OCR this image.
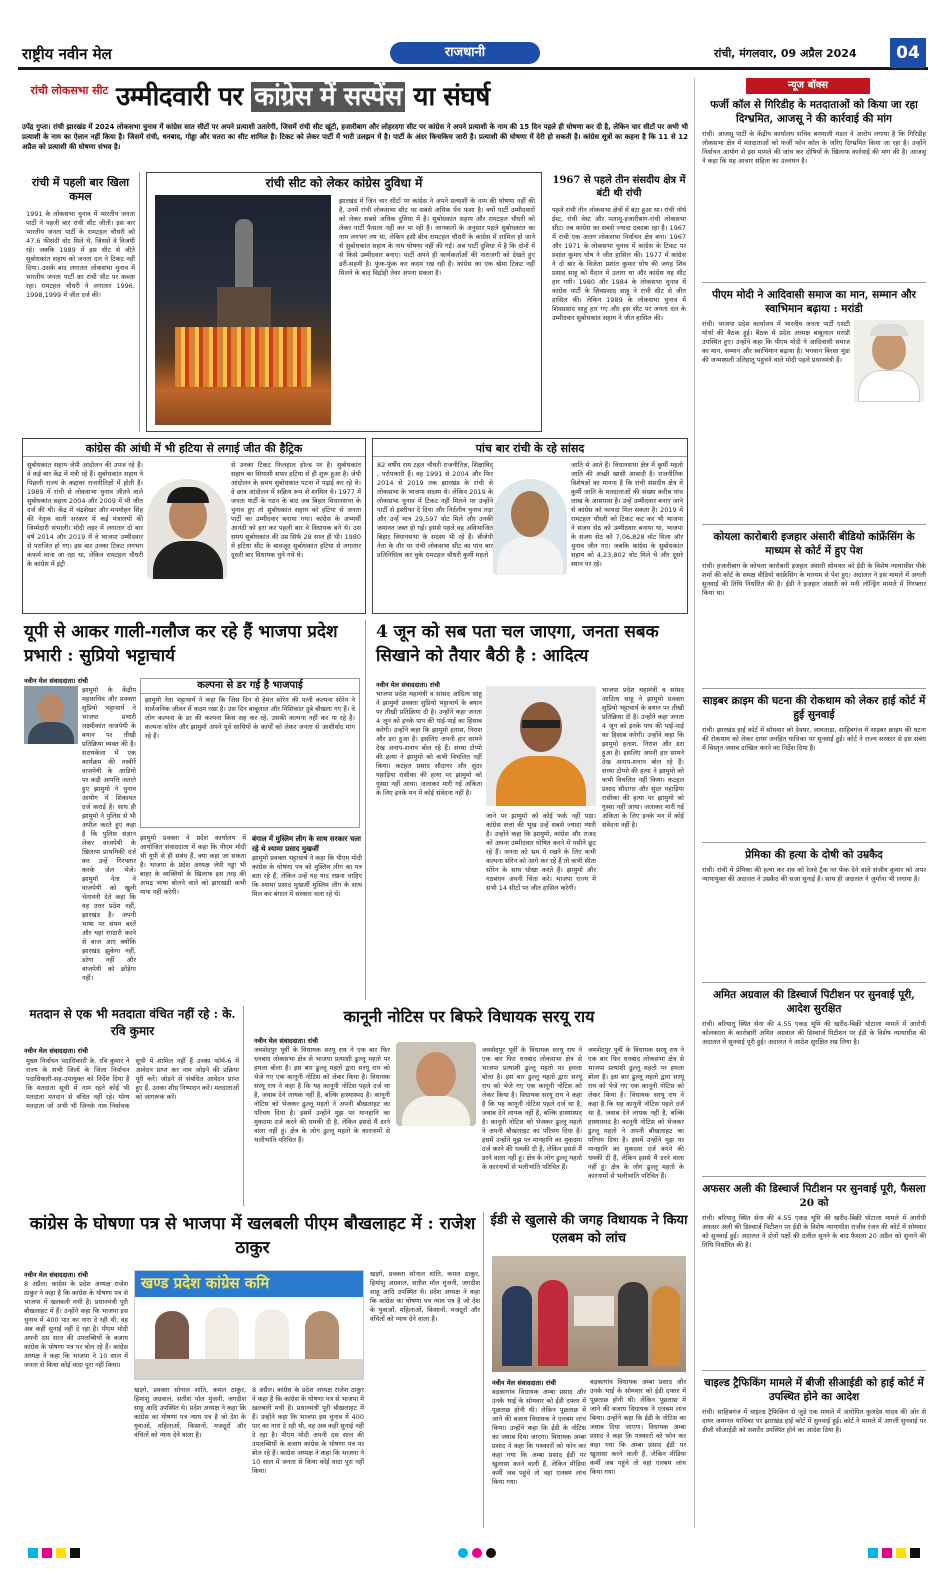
राष्ट्रीय नवीन मेल	राजधानी	रांची, मंगलवार, 09 अप्रैल 2024	04
रांची लोकसभा सीट उम्मीदवारी पर कांग्रेस में सस्पेंस या संघर्ष
उपेंद्र गुप्ता। रांची झारखंड में 2024 लोकसभा चुनाव में कांग्रेस सात सीटों पर अपने प्रत्याशी उतारेगी, जिसमें रांची सीट खूंटी, हजारीबाग और लोहरदगा सीट पर कांग्रेस ने अपने प्रत्याशी के नाम की 15 दिन पहले ही घोषणा कर दी है, लेकिन चार सीटों पर अभी भी प्रत्याशी के नाम का ऐलान नहीं किया है। जिसमें रांची, धनबाद, गोड्डा और चतरा का सीट शामिल है। टिकट को लेकर पार्टी में भारी उलझन में है। पार्टी के अंदर किचकिच जारी है। प्रत्याशी की घोषणा में देरी हो सकती है। कांग्रेस सूत्रों का कहना है कि 11 से 12 अप्रैल को प्रत्याशी की घोषणा संभव है।
रांची में पहली बार खिला कमल
1991 के लोकसभा चुनाव में भारतीय जनता पार्टी ने पहली बार रांची सीट जीती। इस बार भारतीय जनता पार्टी के रामटहल चौधरी को 47.6 फीसदी वोट मिले थे, जिससे वे विजयी रहे। जबकि 1989 में इस सीट से जीते सुबोधकांत सहाय को जनता दल ने टिकट नहीं दिया। उसके बाद लगातार लोकसभा चुनाव में भारतीय जनता पार्टी का रांची सीट पर कब्जा रहा। रामटहल चौधरी ने लगातार 1996, 1998,1999 में जीत दर्ज की।
रांची सीट को लेकर कांग्रेस दुविधा में
झारखंड में जिन चार सीटों पर कांग्रेस ने अपने प्रत्याशी के नाम की घोषणा नहीं की है, उनमें रांची लोकसभा सीट पर सबसे अधिक पेंच फंसा है। क्यों पार्टी उम्मीदवारों को लेकर सबसे अधिक दुविधा में है। सुबोधकांत सहाय और रामटहल चौधरी को लेकर पार्टी फैसला नहीं कर पा रही है। जानकारों के अनुसार पहले सुबोधकांत का नाम लगभग तय था, लेकिन इसी बीच रामटहल चौधरी के कांग्रेस में शामिल हो जाने से सुबोधकांत सहाय के नाम घोषणा नहीं की गई। अब पार्टी दुविधा में है कि दोनों में से किसे उम्मीदवार बनाए। पार्टी अपने ही कार्यकर्ताओं की नाराजगी को देखते हुए डरी-सहमी है। फूंक-फूंक कर कदम रख रही है। कांग्रेस का एक खेमा टिकट नहीं मिलने के बाद विद्रोही तेवर अपना सकता है।
1967 से पहले तीन संसदीय क्षेत्र में बंटी थी रांची
पहले रांची तीन लोकसभा क्षेत्रों में बंटा हुआ था। रांची नॉर्थ ईस्ट, रांची वेस्ट और पलामू-हजारीबाग-रांची लोकसभा सीट। तब कांग्रेस का सबसे ज्यादा दबदबा रहा है। 1967 में रांची एक अलग लोकसभा निर्वाचन क्षेत्र बना। 1967 और 1971 के लोकसभा चुनाव में कांग्रेस के टिकट पर प्रशांत कुमार घोष ने जीत हासिल की। 1977 में कांग्रेस ने दो बार के विजेता प्रशांत कुमार घोष की जगह शिव प्रसाद साहू को मैदान में उतारा था और कांग्रेस यह सीट हार गयी। 1980 और 1984 के लोकसभा चुनाव में कांग्रेस पार्टी के शिवप्रसाद साहू ने रांची सीट से जीत हासिल की। लेकिन 1989 के लोकसभा चुनाव में शिवप्रसाद साहू हार गए और इस सीट पर जनता दल के उम्मीदवार सुबोधकांत सहाय ने जीत हासिल की।
कांग्रेस की आंधी में भी हटिया से लगाई जीत की हैट्रिक
सुबोधकांत सहाय जेपी आंदोलन की उपज रहे हैं। वे कई बार केंद्र में मंत्री रहे हैं। सुबोधकांत सहाय ने पिछली राज्य के कद्दावर राजनीतिज्ञों में होती है। 1989 में रांची से लोकसभा चुनाव जीतने वाले सुबोधकांत सहाय 2004 और 2009 में भी जीत दर्ज की थी। केंद्र में चंद्रशेखर और मनमोहन सिंह की नेतृत्व वाली सरकार में कई मंत्रालयों की जिम्मेदारी संभाली। मोदी लहर में लगातार दो बार वर्ष 2014 और 2019 में वे भाजपा उम्मीदवार से पराजित हो गए। इस बार उनका टिकट लगभग कंफर्म माना जा रहा था, लेकिन रामटहल चौधरी के कांग्रेस में इंट्री
से उनका टिकट फिलहाल होल्ड पर है। सुबोधकांत सहाय का सियासी सफर हटिया से ही शुरू हुआ है। जेपी आंदोलन के समय सुबोधकांत पटना में पढ़ाई कर रहे थे। वे छात्र आंदोलन में सक्रिय रूप से शामिल थे। 1977 में जनता पार्टी के गठन के बाद जब बिहार विधानसभा के चुनाव हुए तो सुबोधकांत सहाय को हटिया से जनता पार्टी का उम्मीदवार बनाया गया। कांग्रेस के अभ्यर्थी आनंदी को हरा कर पहली बार वे विधायक बने थे। उस समय सुबोधकांत की उम्र सिर्फ 28 साल ही थी। 1980 में हटिया सीट के बावजूद सुबोधकांत हटिया से लगातार दूसरी बार विधायक चुने गये थे।
पांच बार रांची के रहे सांसद
82 वर्षीय राम टहल चौधरी राजनीतिज्ञ, शिक्षाविद् , परोपकारी हैं। वह 1991 से 2004 और फिर 2014 से 2019 तक झारखंड के रांची से लोकसभा के भाजपा सदस्य थे। लेकिन 2019 के लोकसभा चुनाव में टिकट नहीं मिलने पर उन्होंने पार्टी से इस्तीफा दे दिया और निर्दलीय चुनाव लड़ा और उन्हें मात्र 29,597 वोट मिले और उनकी जमानत जब्त हो गई। इससे पहले वह अविभाजित बिहार विधानसभा के सदस्य भी रहे हैं। बीजेपी नेता के तौर पर रांची लोकसभा सीट का पांच बार प्रतिनिधित्व कर चुके रामटहल चौधरी कुर्मी महतो
जाति से आते हैं। विधानसभा क्षेत्र में कुर्मी महतो जाति की अच्छी खासी आबादी है। राजनीतिक विशेषज्ञों का मानना है कि रांची संसदीय क्षेत्र में कुर्मी जाति के मतदाताओं की संख्या करीब पांच लाख के आसपास है। उन्हें उम्मीदवार बनाए जाने से कांग्रेस को फायदा मिल सकता है। 2019 में रामटहल चौधरी को टिकट कट कर भी भाजपा ने संजय सेठ को उम्मीदवार बनाया था, भाजपा के संजय सेठ को 7,06,828 वोट मिला और चुनाव जीत गए। जबकि कांग्रेस के सुबोधकांत सहाय को 4,23,802 वोट मिले थे और दूसरे स्थान पर रहे।
यूपी से आकर गाली-गलौज कर रहे हैं भाजपा प्रदेश प्रभारी : सुप्रियो भट्टाचार्य
नवीन मेल संवाददाता। रांची
झामुमो के केंद्रीय महासचिव और प्रवक्ता सुप्रियो भट्टाचार्य ने भाजपा प्रभारी लक्ष्मीकांत वाजपेयी के बयान पर तीखी प्रतिक्रिया व्यक्त की है। सरायकेला में एक कार्यक्रम की तस्वीरें वाजपेयी के आडियो पर कड़ी आपत्ति जताते हुए झामुमो ने चुनाव आयोग में शिकायत दर्ज कराई है। साथ ही झामुमो ने पुलिस से भी अपील करते हुए कहा है कि पुलिस संज्ञान लेकर वाजपेयी के खिलाफ प्राथमिकी दर्ज कर उन्हें गिरफ्तार करके जेल भेजे। झामुमो नेता ने वाजपेयी को खुली चेतावनी देते कहा कि वह उत्तर प्रदेश नहीं, झारखंड है। अपनी भाषा पर संयम बरतें और यहां रंगदारी करने से बाज आएं क्योंकि झारखंड झुकेगा नहीं, डरेगा नहीं और वाजपेयी को छोड़ेगा नहीं।
कल्पना से डर गई है भाजपाई
झामुमो नेता भट्टाचार्य ने कहा कि जिस दिन से हेमंत सोरेन की पत्नी कल्पना सोरेन ने सार्वजनिक जीवन में कदम रखा है। उस दिन बाबूलाल और निशिकांत दुबे बौखला गए हैं। वे लोग कल्पना के डर की कल्पना किस सह कर रहे, उसकी कल्पना नहीं कर पा रहे हैं। कल्पना सोरेन और झामुमो अपने पूर्व साथियों के कार्यों को लेकर जनता से आशीर्वाद मांग रहे हैं।
झामुमो प्रवक्ता ने प्रदेश कार्यालय में आयोजित संवाददाता में कहा कि पीएम मोदी भी यूपी से ही संबंध हैं, क्या कहा जा सकता है। भाजपा के प्रदेश अध्यक्ष जेपी नड्डा भी बाहर के व्यक्तियों के खिलाफ इस तरह की अभद्र भाषा बोलने वाले को झारखंडी कभी माफ नहीं करेगी।
बंगाल में मुस्लिम लीग के साथ सरकार चला रहे थे श्यामा प्रसाद मुखर्जी
झामुमो प्रवक्ता भट्टाचार्य ने कहा कि पीएम मोदी कांग्रेस के घोषणा पत्र को मुस्लिम लीग का पत्र बता रहे हैं, लेकिन उन्हें यह याद रखना चाहिए कि श्यामा प्रसाद मुखर्जी मुस्लिम लीग के साथ मिल कर बंगाल में सरकार चला रहे थे।
4 जून को सब पता चल जाएगा, जनता सबक सिखाने को तैयार बैठी है : आदित्य
नवीन मेल संवाददाता। रांची
भाजपा प्रदेश महामंत्री व सांसद आदित्य साहू ने झामुमो प्रवक्ता सुप्रियो भट्टाचार्य के बयान पर तीखी प्रतिक्रिया दी है। उन्होंने कहा जनता 4 जून को इनके पाप की पाई-पाई का हिसाब करेगी। उन्होंने कहा कि झामुमो हताश, निराश और डरा हुआ है। इसलिए अपनी हार सामने देख अनाप-शनाप बोल रहे हैं। संध्या टोप्पो की हत्या ने झामुमो को कभी विचलित नहीं किया। कटहल प्रसाद सौदागर और सुंदर पहाड़िया रासीका की हत्या पर झामुमो को गुस्सा नहीं आया। जलाकर मारी गई अंकिता के लिए इनके मन में कोई संवेदना नहीं है।
जाने पर झामुमो को कोई फर्क नहीं पड़ा। कांग्रेस सत्ता की भूख उन्हें सबसे ज्यादा प्यारी है। उन्होंने कहा कि झामुमो, कांग्रेस और राजद को अपना उम्मीदवार घोषित करने में पसीने छूट रहे हैं। जनता को भ्रम में रखने के लिए कभी कल्पना सोरेन को आगे कर रहे हैं तो कभी सीता सोरेन के साथ धोखा करते हैं। झामुमो और गठबंधन अपनी चिंता करे। भाजपा राज्य में सभी 14 सीटों पर जीत हासिल करेगी।
भाजपा प्रदेश महामंत्री व सांसद आदित्य साहू ने झामुमो प्रवक्ता सुप्रियो भट्टाचार्य के बयान पर तीखी प्रतिक्रिया दी है। उन्होंने कहा जनता 4 जून को इनके पाप की पाई-पाई का हिसाब करेगी। उन्होंने कहा कि झामुमो हताश, निराश और डरा हुआ है। इसलिए अपनी हार सामने देख अनाप-शनाप बोल रहे हैं। संध्या टोप्पो की हत्या ने झामुमो को कभी विचलित नहीं किया। कटहल प्रसाद सौदागर और सुंदर पहाड़िया रासीका की हत्या पर झामुमो को गुस्सा नहीं आया। जलाकर मारी गई अंकिता के लिए इनके मन में कोई संवेदना नहीं है।
मतदान से एक भी मतदाता वंचित नहीं रहे : के. रवि कुमार
नवीन मेल संवाददाता। रांची
मुख्य निर्वाचन पदाधिकारी के. रवि कुमार ने राज्य के सभी जिलों के जिला निर्वाचन पदाधिकारी-सह-उपायुक्त को निर्देश दिया है कि मतदाता सूची में नाम रहते कोई भी मतदाता मतदान से वंचित नहीं रहे। योग्य मतदाता जो अभी भी जिनके नाम निर्वाचक सूची में शामिल नहीं हैं उनका फॉर्म-6 में आवेदन प्राप्त कर नाम जोड़ने की प्रक्रिया पूरी करें। जोड़ने से संबंधित आवेदन प्राप्त हुए हैं, उनका शीघ्र निष्पादन करें। मतदाताओं को जागरूक करें।
कानूनी नोटिस पर बिफरे विधायक सरयू राय
नवीन मेल संवाददाता। रांची
जमशेदपुर पूर्वी के विधायक सरयू राय ने एक बार फिर धनबाद लोकसभा क्षेत्र से भाजपा प्रत्याशी ढुल्लू महतो पर हमला बोला है। इस बार ढुल्लू महतो द्वारा सरयू राय को भेजे गए एक कानूनी नोटिस को लेकर किया है। विधायक सरयू राय ने कहा है कि यह कानूनी नोटिस पहले दर्ज था है, जवाब देने लायक नहीं है, बल्कि हास्यास्पद है। कानूनी नोटिस को भेजकर ढुल्लू महतो ने अपनी बौखलाहट का परिचय दिया है। इसमें उन्होंने मुझ पर मानहानि का मुकदमा दर्ज करने की धमकी दी है, लेकिन इससे मैं डरने वाला नहीं हूं। क्षेत्र के लोग ढुल्लू महतो के कारनामों से भलीभांति परिचित हैं।
जमशेदपुर पूर्वी के विधायक सरयू राय ने एक बार फिर धनबाद लोकसभा क्षेत्र से भाजपा प्रत्याशी ढुल्लू महतो पर हमला बोला है। इस बार ढुल्लू महतो द्वारा सरयू राय को भेजे गए एक कानूनी नोटिस को लेकर किया है। विधायक सरयू राय ने कहा है कि यह कानूनी नोटिस पहले दर्ज था है, जवाब देने लायक नहीं है, बल्कि हास्यास्पद है। कानूनी नोटिस को भेजकर ढुल्लू महतो ने अपनी बौखलाहट का परिचय दिया है। इसमें उन्होंने मुझ पर मानहानि का मुकदमा दर्ज करने की धमकी दी है, लेकिन इससे मैं डरने वाला नहीं हूं। क्षेत्र के लोग ढुल्लू महतो के कारनामों से भलीभांति परिचित हैं।
जमशेदपुर पूर्वी के विधायक सरयू राय ने एक बार फिर धनबाद लोकसभा क्षेत्र से भाजपा प्रत्याशी ढुल्लू महतो पर हमला बोला है। इस बार ढुल्लू महतो द्वारा सरयू राय को भेजे गए एक कानूनी नोटिस को लेकर किया है। विधायक सरयू राय ने कहा है कि यह कानूनी नोटिस पहले दर्ज था है, जवाब देने लायक नहीं है, बल्कि हास्यास्पद है। कानूनी नोटिस को भेजकर ढुल्लू महतो ने अपनी बौखलाहट का परिचय दिया है। इसमें उन्होंने मुझ पर मानहानि का मुकदमा दर्ज करने की धमकी दी है, लेकिन इससे मैं डरने वाला नहीं हूं। क्षेत्र के लोग ढुल्लू महतो के कारनामों से भलीभांति परिचित हैं।
कांग्रेस के घोषणा पत्र से भाजपा में खलबली पीएम बौखलाहट में : राजेश ठाकुर
नवीन मेल संवाददाता। रांची
8 अप्रैल। कांग्रेस के प्रदेश अध्यक्ष राजेश ठाकुर ने कहा है कि कांग्रेस के घोषणा पत्र से भाजपा में खलबली मची है। प्रधानमंत्री पूरी बौखलाहट में हैं। उन्होंने कहा कि भाजपा इस चुनाव में 400 पार का नारा दे रही थी, वह अब कहीं सुनाई नहीं दे रहा है। पीएम मोदी अपनी दस साल की उपलब्धियों के बजाय कांग्रेस के घोषणा पत्र पर बोल रहे हैं। कांग्रेस अध्यक्ष ने कहा कि भाजपा ने 10 साल में जनता से किया कोई वादा पूरा नहीं किया।
खण्ड प्रदेश कांग्रेस कमि
खड़गे, प्रवक्ता सोनाल शांति, कमल ठाकुर, हिमांशु अग्रवाल, सतीश पॉल मुंजनी, जगदीश साहू आदि उपस्थित थे। प्रदेश अध्यक्ष ने कहा कि कांग्रेस का घोषणा पत्र न्याय पत्र है जो देश के युवाओं, महिलाओं, किसानों, मजदूरों और वंचितों को न्याय देने वाला है।
8 अप्रैल। कांग्रेस के प्रदेश अध्यक्ष राजेश ठाकुर ने कहा है कि कांग्रेस के घोषणा पत्र से भाजपा में खलबली मची है। प्रधानमंत्री पूरी बौखलाहट में हैं। उन्होंने कहा कि भाजपा इस चुनाव में 400 पार का नारा दे रही थी, वह अब कहीं सुनाई नहीं दे रहा है। पीएम मोदी अपनी दस साल की उपलब्धियों के बजाय कांग्रेस के घोषणा पत्र पर बोल रहे हैं। कांग्रेस अध्यक्ष ने कहा कि भाजपा ने 10 साल में जनता से किया कोई वादा पूरा नहीं किया।
खड़गे, प्रवक्ता सोनाल शांति, कमल ठाकुर, हिमांशु अग्रवाल, सतीश पॉल मुंजनी, जगदीश साहू आदि उपस्थित थे। प्रदेश अध्यक्ष ने कहा कि कांग्रेस का घोषणा पत्र न्याय पत्र है जो देश के युवाओं, महिलाओं, किसानों, मजदूरों और वंचितों को न्याय देने वाला है।
ईडी से खुलासे की जगह विधायक ने किया एलबम को लांच
नवीन मेल संवाददाता। रांची
बड़कागांव विधायक अम्बा प्रसाद और उनके भाई के सोमवार को ईडी दफ्तर में पूछताछ होनी थी। लेकिन पूछताछ में जाने की बजाय विधायक ने एलबम लांच किया। उन्होंने कहा कि ईडी के नोटिस का जवाब दिया जाएगा। विधायक अम्बा प्रसाद ने कहा कि पत्रकारों को फोन कर कहा गया कि अम्बा प्रसाद ईडी पर खुलासा करने वाली हैं, लेकिन मीडिया कर्मी जब पहुंचे तो वहां एलबम लांच किया गया।
बड़कागांव विधायक अम्बा प्रसाद और उनके भाई के सोमवार को ईडी दफ्तर में पूछताछ होनी थी। लेकिन पूछताछ में जाने की बजाय विधायक ने एलबम लांच किया। उन्होंने कहा कि ईडी के नोटिस का जवाब दिया जाएगा। विधायक अम्बा प्रसाद ने कहा कि पत्रकारों को फोन कर कहा गया कि अम्बा प्रसाद ईडी पर खुलासा करने वाली हैं, लेकिन मीडिया कर्मी जब पहुंचे तो वहां एलबम लांच किया गया।
न्यूज बॉक्स
फर्जी कॉल से गिरिडीह के मतदाताओं को किया जा रहा दिग्भ्रमित, आजसू ने की कार्रवाई की मांग
रांची। आजसू पार्टी के केंद्रीय कार्यालय सचिव बनमाली मंडल ने आरोप लगाया है कि गिरिडीह लोकसभा क्षेत्र में मतदाताओं को फर्जी फोन कॉल के जरिए दिग्भ्रमित किया जा रहा है। उन्होंने निर्वाचन आयोग से इस मामले की जांच कर दोषियों के खिलाफ कार्रवाई की मांग की है। आजसू ने कहा कि यह आचार संहिता का उल्लंघन है।
पीएम मोदी ने आदिवासी समाज का मान, सम्मान और स्वाभिमान बढ़ाया : मरांडी
रांची। भाजपा प्रदेश कार्यालय में भारतीय जनता पार्टी एसटी मोर्चा की बैठक हुई। बैठक में प्रदेश अध्यक्ष बाबूलाल मरांडी उपस्थित हुए। उन्होंने कहा कि पीएम मोदी ने आदिवासी समाज का मान, सम्मान और स्वाभिमान बढ़ाया है। भगवान बिरसा मुंडा की जन्मस्थली उलिहातू पहुंचने वाले मोदी पहले प्रधानमंत्री हैं।
कोयला कारोबारी इजहार अंसारी बीडियो कांफ्रेंसिंग के माध्यम से कोर्ट में हुए पेश
रांची। हजारीबाग के कोयला कारोबारी इजहार अंसारी सोमवार को ईडी के विशेष न्यायाधीश पीके शर्मा की कोर्ट के समक्ष वीडियो कांफ्रेंसिंग के माध्यम से पेश हुए। अदालत ने इस मामले में अगली सुनवाई की तिथि निर्धारित की है। ईडी ने इजहार अंसारी को मनी लॉन्ड्रिंग मामले में गिरफ्तार किया था।
साइबर क्राइम की घटना की रोकथाम को लेकर हाई कोर्ट में हुई सुनवाई
रांची। झारखंड हाई कोर्ट में सोमवार को देवघर, जामताड़ा, साहिबगंज में साइबर क्राइम की घटना की रोकथाम को लेकर दायर जनहित याचिका पर सुनवाई हुई। कोर्ट ने राज्य सरकार से इस संबंध में विस्तृत जवाब दाखिल करने का निर्देश दिया है।
प्रेमिका की हत्या के दोषी को उम्रकैद
रांची। रांची में प्रेमिका की हत्या कर शव को रेलवे ट्रैक पर फेंक देने वाले संजीव कुमार को अपर न्यायायुक्त की अदालत ने उम्रकैद की सजा सुनाई है। साथ ही अदालत ने जुर्माना भी लगाया है।
अमित अग्रवाल की डिस्चार्ज पिटीशन पर सुनवाई पूरी, आदेश सुरक्षित
रांची। बरियातू स्थित सेना की 4.55 एकड़ भूमि की खरीद-बिक्री घोटाला मामले में आरोपी कोलकाता के कारोबारी अमित अग्रवाल की डिस्चार्ज पिटीशन पर ईडी के विशेष न्यायाधीश की अदालत में सुनवाई पूरी हुई। अदालत ने आदेश सुरक्षित रख लिया है।
अफसर अली की डिस्चार्ज पिटीशन पर सुनवाई पूरी, फैसला 20 को
रांची। बरियातू स्थित सेना की 4.55 एकड़ भूमि की खरीद-बिक्री घोटाला मामले में आरोपी अफसर अली की डिस्चार्ज पिटीशन पर ईडी के विशेष न्यायाधीश राजीव रंजन की कोर्ट में सोमवार को सुनवाई हुई। अदालत ने दोनों पक्षों की दलील सुनने के बाद फैसला 20 अप्रैल को सुनाने की तिथि निर्धारित की है।
चाइल्ड ट्रैफिकिंग मामले में बीजी सीआईडी को हाई कोर्ट में उपस्थित होने का आदेश
रांची। साहिबगंज में चाइल्ड ट्रैफिकिंग से जुड़े एक मामले में आरोपित कुलदेव यादव की ओर से दायर जमानत याचिका पर झारखंड हाई कोर्ट में सुनवाई हुई। कोर्ट ने मामले में अगली सुनवाई पर डीजी सीआईडी को सशरीर उपस्थित होने का आदेश दिया है।
